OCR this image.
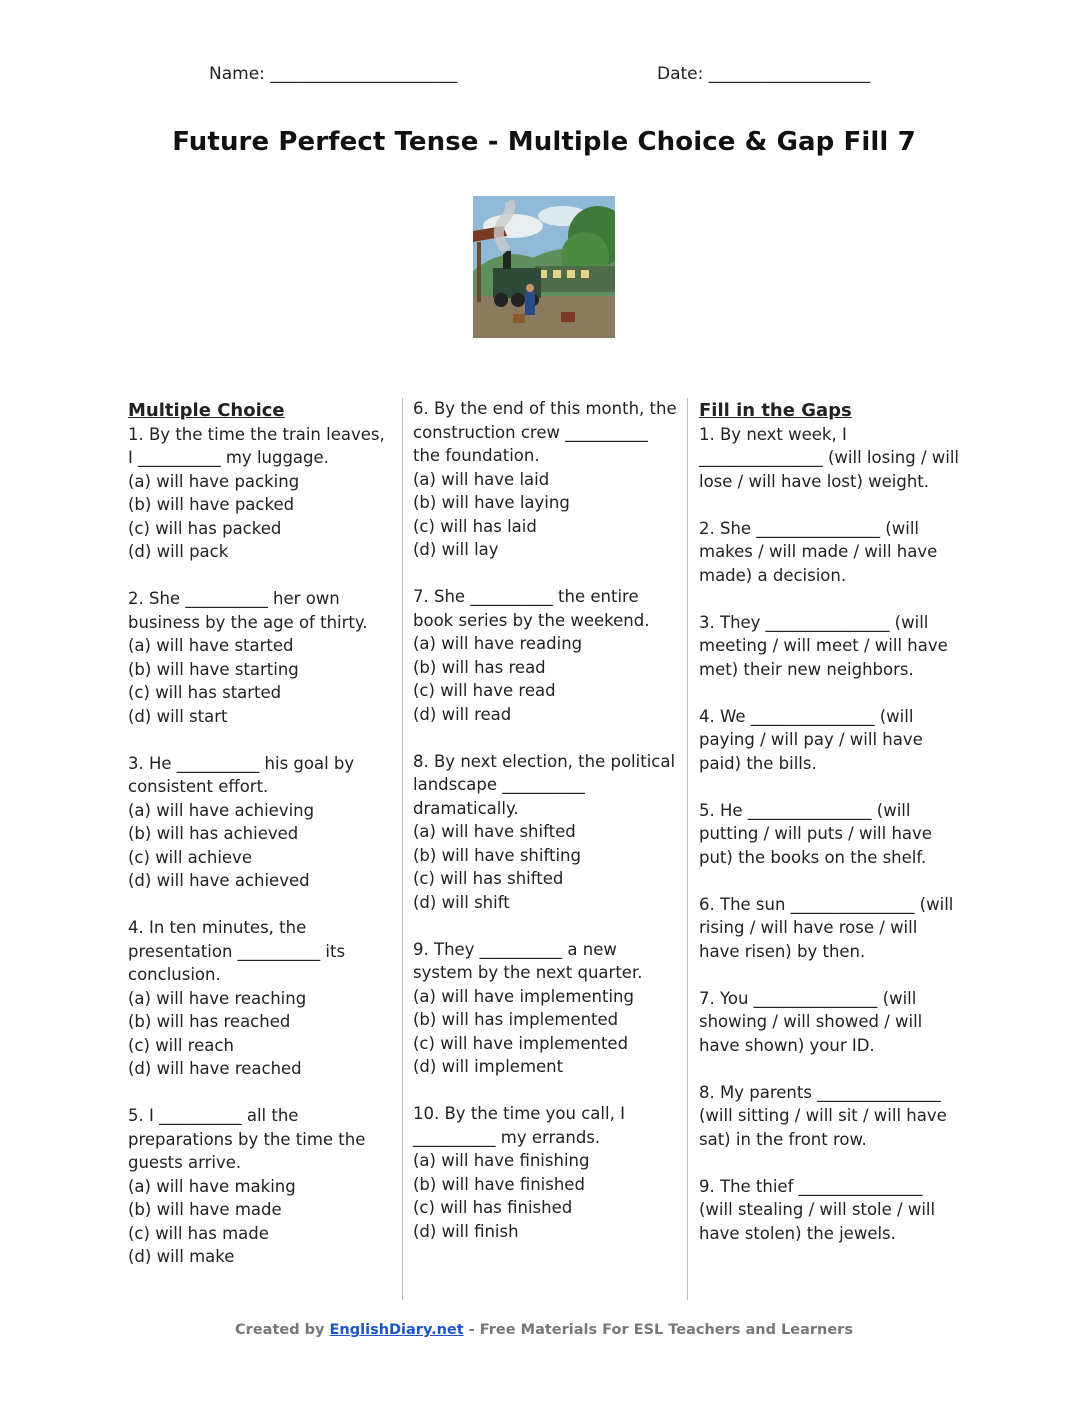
Name: ______________________	Date: ___________________
Future Perfect Tense - Multiple Choice & Gap Fill 7
Multiple Choice
1. By the time the train leaves, I __________ my luggage.
(a) will have packing
(b) will have packed
(c) will has packed
(d) will pack
2. She __________ her own business by the age of thirty.
(a) will have started
(b) will have starting
(c) will has started
(d) will start
3. He __________ his goal by consistent effort.
(a) will have achieving
(b) will has achieved
(c) will achieve
(d) will have achieved
4. In ten minutes, the presentation __________ its conclusion.
(a) will have reaching
(b) will has reached
(c) will reach
(d) will have reached
5. I __________ all the preparations by the time the guests arrive.
(a) will have making
(b) will have made
(c) will has made
(d) will make
6. By the end of this month, the construction crew __________ the foundation.
(a) will have laid
(b) will have laying
(c) will has laid
(d) will lay
7. She __________ the entire book series by the weekend.
(a) will have reading
(b) will has read
(c) will have read
(d) will read
8. By next election, the political landscape __________ dramatically.
(a) will have shifted
(b) will have shifting
(c) will has shifted
(d) will shift
9. They __________ a new system by the next quarter.
(a) will have implementing
(b) will has implemented
(c) will have implemented
(d) will implement
10. By the time you call, I __________ my errands.
(a) will have finishing
(b) will have finished
(c) will has finished
(d) will finish
Fill in the Gaps
1. By next week, I _______________ (will losing / will lose / will have lost) weight.
2. She _______________ (will makes / will made / will have made) a decision.
3. They _______________ (will meeting / will meet / will have met) their new neighbors.
4. We _______________ (will paying / will pay / will have paid) the bills.
5. He _______________ (will putting / will puts / will have put) the books on the shelf.
6. The sun _______________ (will rising / will have rose / will have risen) by then.
7. You _______________ (will showing / will showed / will have shown) your ID.
8. My parents _______________ (will sitting / will sit / will have sat) in the front row.
9. The thief _______________ (will stealing / will stole / will have stolen) the jewels.
Created by EnglishDiary.net - Free Materials For ESL Teachers and Learners
